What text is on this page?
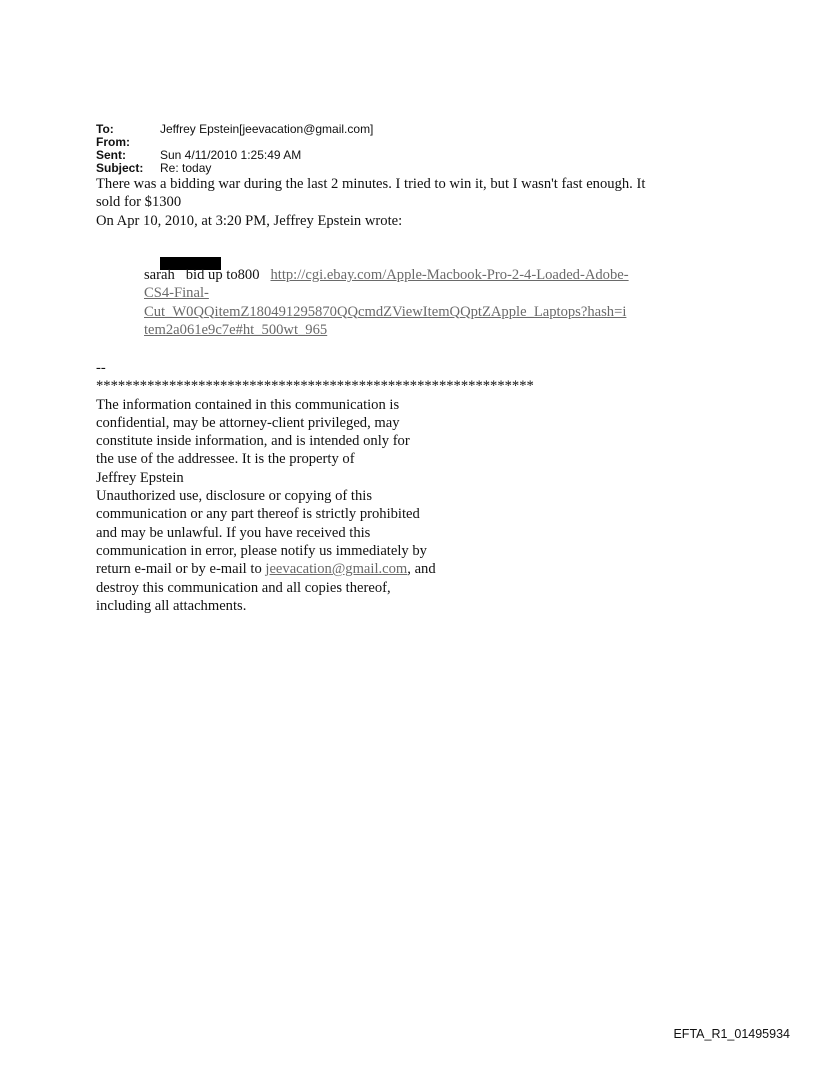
To:	Jeffrey Epstein[jeevacation@gmail.com]
From:
Sent:	Sun 4/11/2010 1:25:49 AM
Subject:	Re: today

There was a bidding war during the last 2 minutes. I tried to win it, but I wasn't fast enough. It

sold for $1300

On Apr 10, 2010, at 3:20 PM, Jeffrey Epstein wrote:

sarah   bid up to800 http://cgi.ebay.com/Apple-Macbook-Pro-2-4-Loaded-Adobe-

CS4-Final-

Cut_W0QQitemZ180491295870QQcmdZViewItemQQptZApple_Laptops?hash=i

tem2a061e9c7e#ht_500wt_965

--

************************************************************

The information contained in this communication is

confidential, may be attorney-client privileged, may

constitute inside information, and is intended only for

the use of the addressee. It is the property of

Jeffrey Epstein

Unauthorized use, disclosure or copying of this

communication or any part thereof is strictly prohibited

and may be unlawful. If you have received this

communication in error, please notify us immediately by

return e-mail or by e-mail to jeevacation@gmail.com, and

destroy this communication and all copies thereof,

including all attachments.

EFTA_R1_01495934
